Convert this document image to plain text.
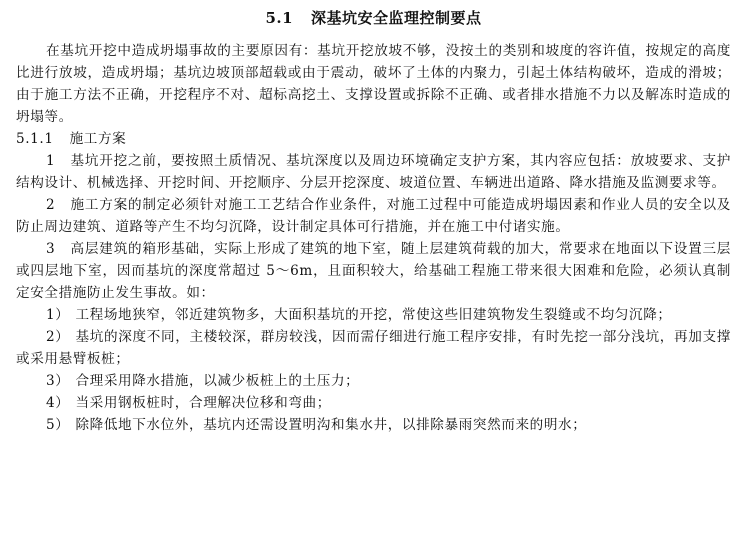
5.1 深基坑安全监理控制要点

在基坑开挖中造成坍塌事故的主要原因有：基坑开挖放坡不够，没按土的类别和坡度的容许值，按规定的高度比进行放坡，造成坍塌；基坑边坡顶部超载或由于震动，破坏了土体的内聚力，引起土体结构破坏，造成的滑坡；由于施工方法不正确，开挖程序不对、超标高挖土、支撑设置或拆除不正确、或者排水措施不力以及解冻时造成的坍塌等。

5.1.1 施工方案

1 基坑开挖之前，要按照土质情况、基坑深度以及周边环境确定支护方案，其内容应包括：放坡要求、支护结构设计、机械选择、开挖时间、开挖顺序、分层开挖深度、坡道位置、车辆进出道路、降水措施及监测要求等。

2 施工方案的制定必须针对施工工艺结合作业条件，对施工过程中可能造成坍塌因素和作业人员的安全以及防止周边建筑、道路等产生不均匀沉降，设计制定具体可行措施，并在施工中付诸实施。

3 高层建筑的箱形基础，实际上形成了建筑的地下室，随上层建筑荷载的加大，常要求在地面以下设置三层或四层地下室，因而基坑的深度常超过 5～6m，且面积较大，给基础工程施工带来很大困难和危险，必须认真制定安全措施防止发生事故。如：

1） 工程场地狭窄，邻近建筑物多，大面积基坑的开挖，常使这些旧建筑物发生裂缝或不均匀沉降；

2） 基坑的深度不同，主楼较深，群房较浅，因而需仔细进行施工程序安排，有时先挖一部分浅坑，再加支撑或采用悬臂板桩；

3） 合理采用降水措施，以减少板桩上的土压力；

4） 当采用钢板桩时，合理解决位移和弯曲；

5） 除降低地下水位外，基坑内还需设置明沟和集水井，以排除暴雨突然而来的明水；
